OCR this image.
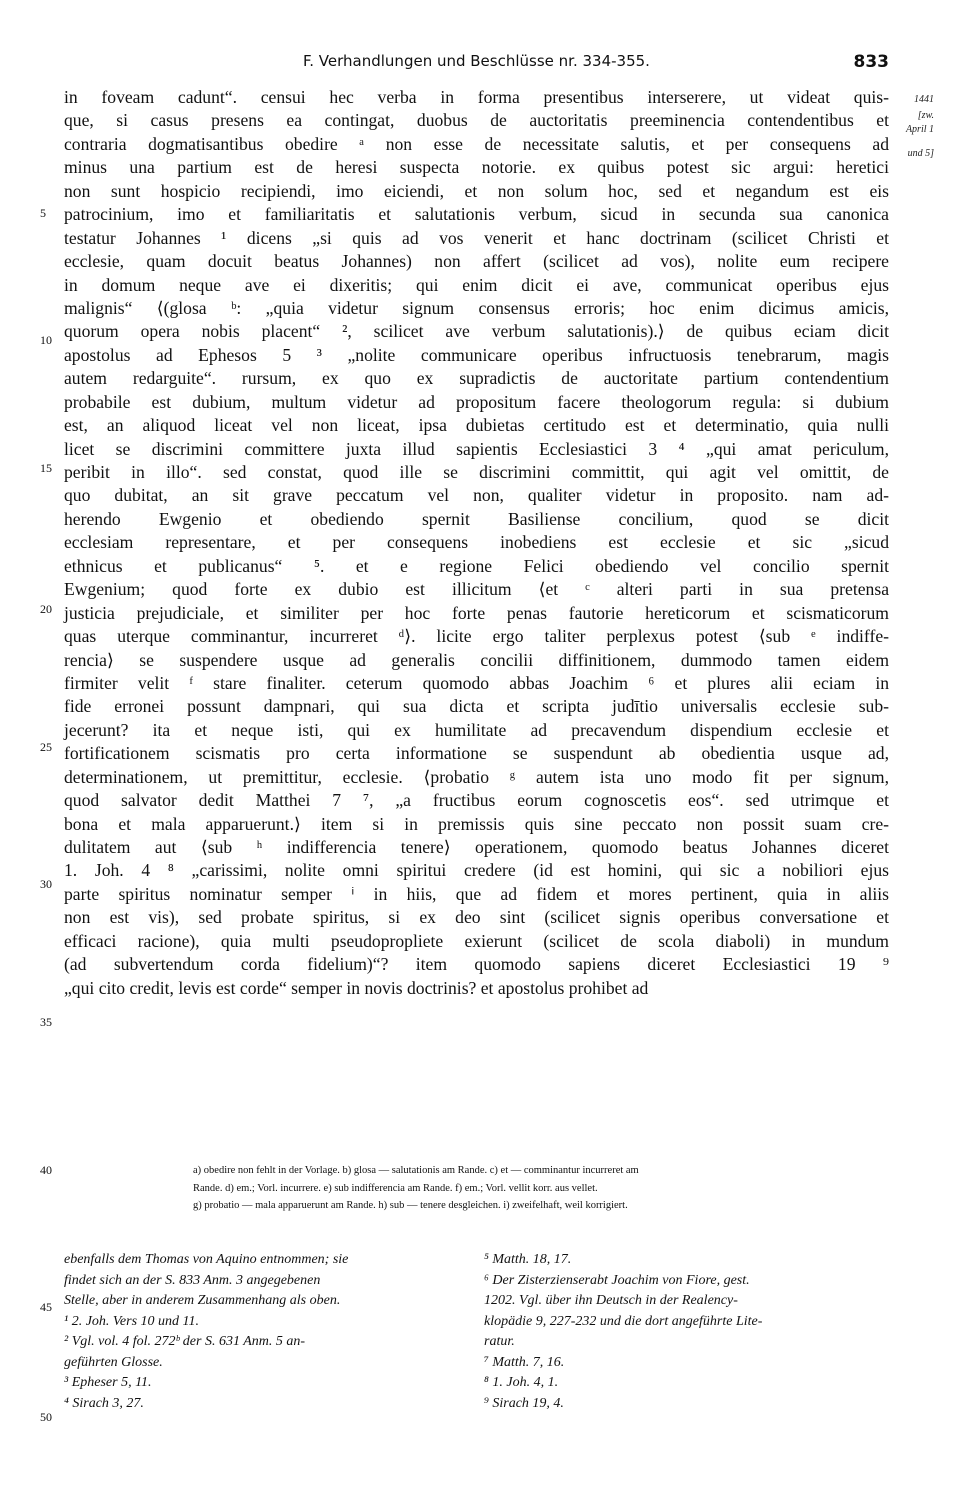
F. Verhandlungen und Beschlüsse nr. 334-355.	833
1441
[zw.
April 1
und 5]
5
10
15
20
25
30
35
40
45
50
in foveam cadunt“. censui hec verba in forma presentibus interserere, ut videat quis-
que, si casus presens ea contingat, duobus de auctoritatis preeminencia contendentibus et
contraria dogmatisantibus obedire ᵃ non esse de necessitate salutis, et per consequens ad
minus una partium est de heresi suspecta notorie. ex quibus potest sic argui: heretici
non sunt hospicio recipiendi, imo eiciendi, et non solum hoc, sed et negandum est eis
patrocinium, imo et familiaritatis et salutationis verbum, sicud in secunda sua canonica
testatur Johannes ¹ dicens „si quis ad vos venerit et hanc doctrinam (scilicet Christi et
ecclesie, quam docuit beatus Johannes) non affert (scilicet ad vos), nolite eum recipere
in domum neque ave ei dixeritis; qui enim dicit ei ave, communicat operibus ejus
malignis“ ⟨(glosa ᵇ: „quia videtur signum consensus erroris; hoc enim dicimus amicis,
quorum opera nobis placent“ ², scilicet ave verbum salutationis).⟩ de quibus eciam dicit
apostolus ad Ephesos 5 ³ „nolite communicare operibus infructuosis tenebrarum, magis
autem redarguite“. rursum, ex quo ex supradictis de auctoritate partium contendentium
probabile est dubium, multum videtur ad propositum facere theologorum regula: si dubium
est, an aliquod liceat vel non liceat, ipsa dubietas certitudo est et determinatio, quia nulli
licet se discrimini committere juxta illud sapientis Ecclesiastici 3 ⁴ „qui amat periculum,
peribit in illo“. sed constat, quod ille se discrimini committit, qui agit vel omittit, de
quo dubitat, an sit grave peccatum vel non, qualiter videtur in proposito. nam ad-
herendo Ewgenio et obediendo spernit Basiliense concilium, quod se dicit
ecclesiam representare, et per consequens inobediens est ecclesie et sic „sicud
ethnicus et publicanus“ ⁵. et e regione Felici obediendo vel concilio spernit
Ewgenium; quod forte ex dubio est illicitum ⟨et ᶜ alteri parti in sua pretensa
justicia prejudiciale, et similiter per hoc forte penas fautorie hereticorum et scismaticorum
quas uterque comminantur, incurreret ᵈ⟩. licite ergo taliter perplexus potest ⟨sub ᵉ indiffe-
rencia⟩ se suspendere usque ad generalis concilii diffinitionem, dummodo tamen eidem
firmiter velit ᶠ stare finaliter. ceterum quomodo abbas Joachim ⁶ et plures alii eciam in
fide erronei possunt dampnari, qui sua dicta et scripta judītio universalis ecclesie sub-
jecerunt? ita et neque isti, qui ex humilitate ad precavendum dispendium ecclesie et
fortificationem scismatis pro certa informatione se suspendunt ab obedientia usque ad,
determinationem, ut premittitur, ecclesie. ⟨probatio ᵍ autem ista uno modo fit per signum,
quod salvator dedit Matthei 7 ⁷, „a fructibus eorum cognoscetis eos“. sed utrimque et
bona et mala apparuerunt.⟩ item si in premissis quis sine peccato non possit suam cre-
dulitatem aut ⟨sub ʰ indifferencia tenere⟩ operationem, quomodo beatus Johannes diceret
1. Joh. 4 ⁸ „carissimi, nolite omni spiritui credere (id est homini, qui sic a nobiliori ejus
parte spiritus nominatur semper ⁱ in hiis, que ad fidem et mores pertinent, quia in aliis
non est vis), sed probate spiritus, si ex deo sint (scilicet signis operibus conversatione et
efficaci racione), quia multi pseudopropliete exierunt (scilicet de scola diaboli) in mundum
(ad subvertendum corda fidelium)“? item quomodo sapiens diceret Ecclesiastici 19 ⁹
„qui cito credit, levis est corde“ semper in novis doctrinis? et apostolus prohibet ad
a) obedire non fehlt in der Vorlage. b) glosa — salutationis am Rande. c) et — comminantur incurreret am
Rande. d) em.; Vorl. incurrere. e) sub indifferencia am Rande. f) em.; Vorl. vellit korr. aus vellet.
g) probatio — mala apparuerunt am Rande. h) sub — tenere desgleichen. i) zweifelhaft, weil korrigiert.
ebenfalls dem Thomas von Aquino entnommen; sie
findet sich an der S. 833 Anm. 3 angegebenen
Stelle, aber in anderem Zusammenhang als oben.
¹ 2. Joh. Vers 10 und 11.
² Vgl. vol. 4 fol. 272ᵇ der S. 631 Anm. 5 an-
geführten Glosse.
³ Epheser 5, 11.
⁴ Sirach 3, 27.
⁵ Matth. 18, 17.
⁶ Der Zisterzienserabt Joachim von Fiore, gest.
1202. Vgl. über ihn Deutsch in der Realency-
klopädie 9, 227-232 und die dort angeführte Lite-
ratur.
⁷ Matth. 7, 16.
⁸ 1. Joh. 4, 1.
⁹ Sirach 19, 4.
